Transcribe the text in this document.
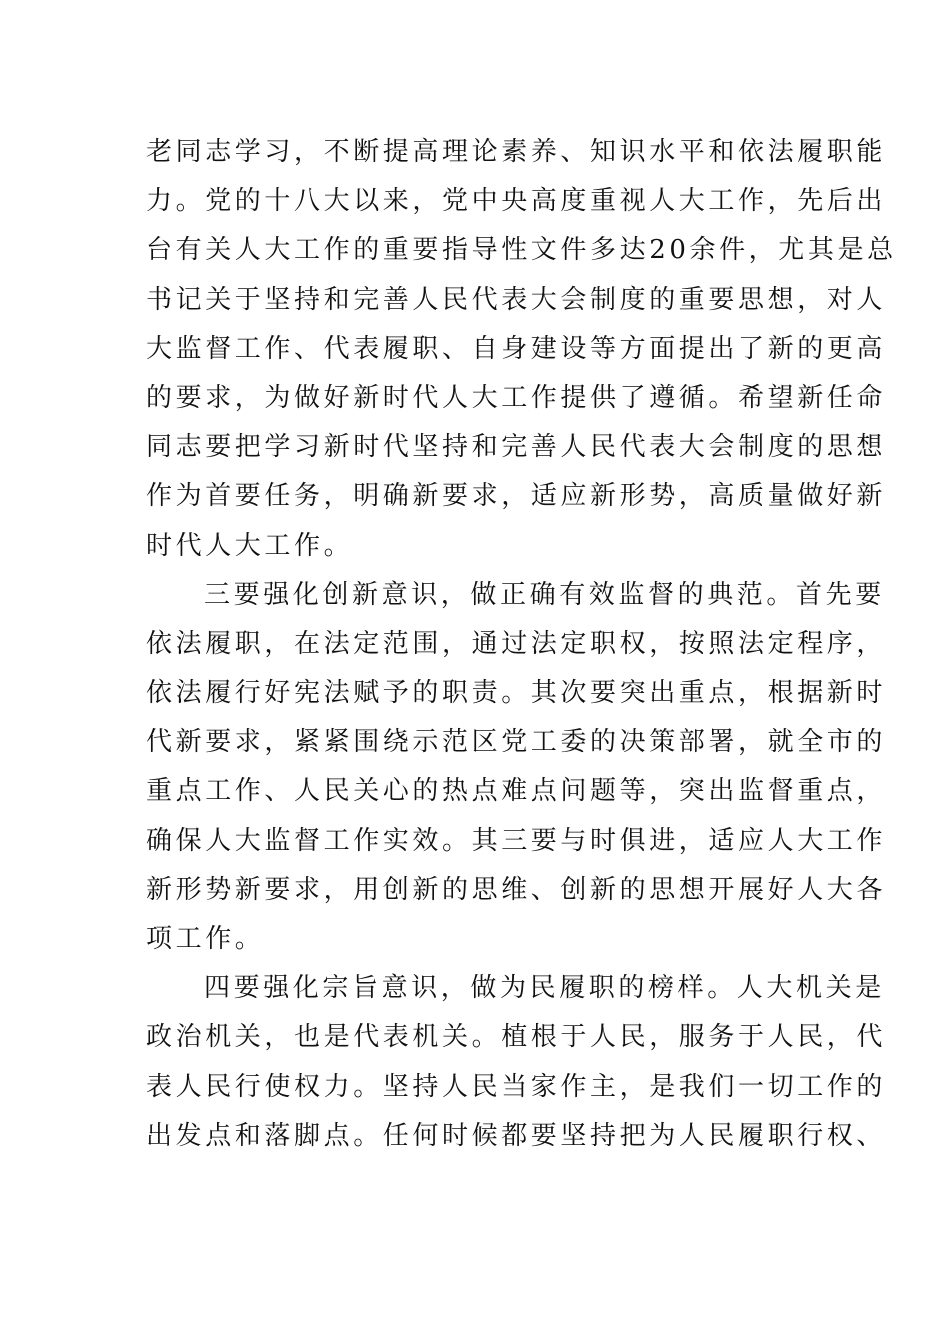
老同志学习，不断提高理论素养、知识水平和依法履职能
力。党的十八大以来，党中央高度重视人大工作，先后出
台有关人大工作的重要指导性文件多达20余件，尤其是总
书记关于坚持和完善人民代表大会制度的重要思想，对人
大监督工作、代表履职、自身建设等方面提出了新的更高
的要求，为做好新时代人大工作提供了遵循。希望新任命
同志要把学习新时代坚持和完善人民代表大会制度的思想
作为首要任务，明确新要求，适应新形势，高质量做好新
时代人大工作。
三要强化创新意识，做正确有效监督的典范。首先要
依法履职，在法定范围，通过法定职权，按照法定程序，
依法履行好宪法赋予的职责。其次要突出重点，根据新时
代新要求，紧紧围绕示范区党工委的决策部署，就全市的
重点工作、人民关心的热点难点问题等，突出监督重点，
确保人大监督工作实效。其三要与时俱进，适应人大工作
新形势新要求，用创新的思维、创新的思想开展好人大各
项工作。
四要强化宗旨意识，做为民履职的榜样。人大机关是
政治机关，也是代表机关。植根于人民，服务于人民，代
表人民行使权力。坚持人民当家作主，是我们一切工作的
出发点和落脚点。任何时候都要坚持把为人民履职行权、
